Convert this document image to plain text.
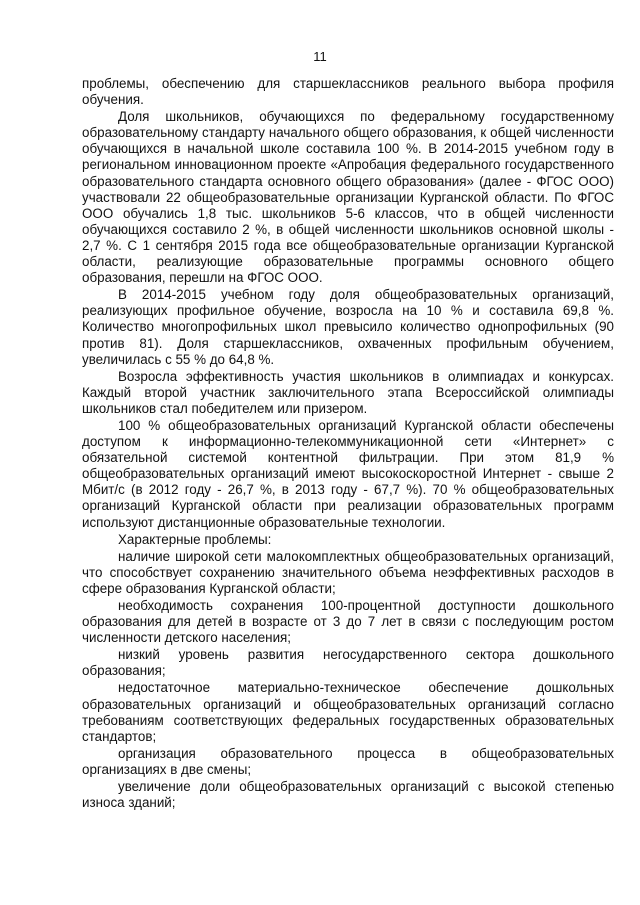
11

проблемы, обеспечению для старшеклассников реального выбора профиля обучения.

Доля школьников, обучающихся по федеральному государственному образовательному стандарту начального общего образования, к общей численности обучающихся в начальной школе составила 100 %. В 2014-2015 учебном году в региональном инновационном проекте «Апробация федерального государственного образовательного стандарта основного общего образования» (далее - ФГОС ООО) участвовали 22 общеобразовательные организации Курганской области. По ФГОС ООО обучались 1,8 тыс. школьников 5-6 классов, что в общей численности обучающихся составило 2 %, в общей численности школьников основной школы - 2,7 %. С 1 сентября 2015 года все общеобразовательные организации Курганской области, реализующие образовательные программы основного общего образования, перешли на ФГОС ООО.

В 2014-2015 учебном году доля общеобразовательных организаций, реализующих профильное обучение, возросла на 10 % и составила 69,8 %. Количество многопрофильных школ превысило количество однопрофильных (90 против 81). Доля старшеклассников, охваченных профильным обучением, увеличилась с 55 % до 64,8 %.

Возросла эффективность участия школьников в олимпиадах и конкурсах. Каждый второй участник заключительного этапа Всероссийской олимпиады школьников стал победителем или призером.

100 % общеобразовательных организаций Курганской области обеспечены доступом к информационно-телекоммуникационной сети «Интернет» с обязательной системой контентной фильтрации. При этом 81,9 % общеобразовательных организаций имеют высокоскоростной Интернет - свыше 2 Мбит/с (в 2012 году - 26,7 %, в 2013 году - 67,7 %). 70 % общеобразовательных организаций Курганской области при реализации образовательных программ используют дистанционные образовательные технологии.

Характерные проблемы:

наличие широкой сети малокомплектных общеобразовательных организаций, что способствует сохранению значительного объема неэффективных расходов в сфере образования Курганской области;

необходимость сохранения 100-процентной доступности дошкольного образования для детей в возрасте от 3 до 7 лет в связи с последующим ростом численности детского населения;

низкий уровень развития негосударственного сектора дошкольного образования;

недостаточное материально-техническое обеспечение дошкольных образовательных организаций и общеобразовательных организаций согласно требованиям соответствующих федеральных государственных образовательных стандартов;

организация образовательного процесса в общеобразовательных организациях в две смены;

увеличение доли общеобразовательных организаций с высокой степенью износа зданий;
